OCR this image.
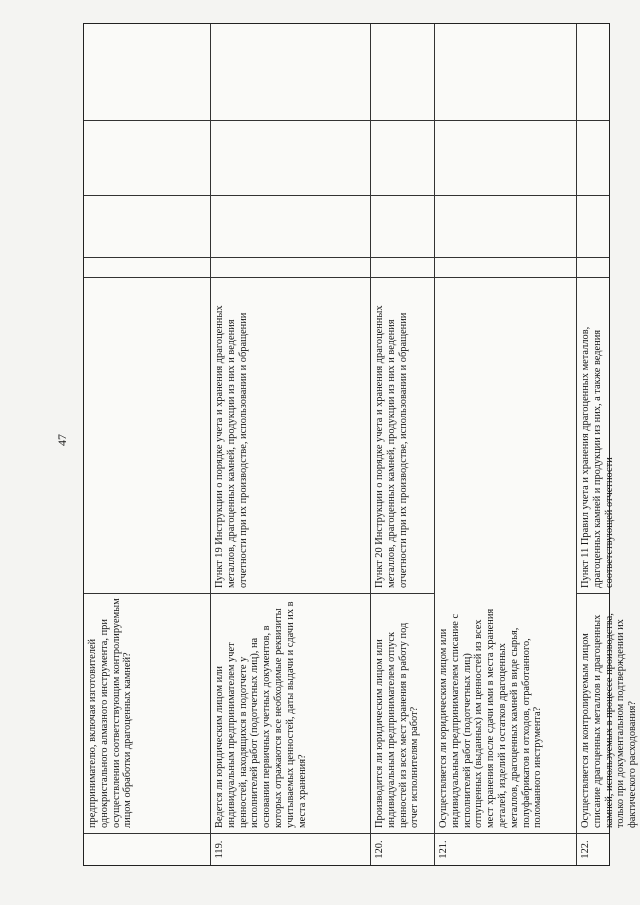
47
предпринимателю, включая изготовителей однокристального алмазного инструмента, при осуществлении соответствующим контролируемым лицом обработки драгоценных камней?
119.
Ведется ли юридическим лицом или индивидуальным предпринимателем учет ценностей, находящихся в подотчете у исполнителей работ (подотчетных лиц), на основании первичных учетных документов, в которых отражаются все необходимые реквизиты учитываемых ценностей, даты выдачи и сдачи их в места хранения?
Пункт 19 Инструкции о порядке учета и хранения драгоценных металлов, драгоценных камней, продукции из них и ведения отчетности при их производстве, использовании и обращении
120.
Производится ли юридическим лицом или индивидуальным предпринимателем отпуск ценностей из всех мест хранения в работу под отчет исполнителям работ?
Пункт 20 Инструкции о порядке учета и хранения драгоценных металлов, драгоценных камней, продукции из них и ведения отчетности при их производстве, использовании и обращении
121.
Осуществляется ли юридическим лицом или индивидуальным предпринимателем списание с исполнителей работ (подотчетных лиц) отпущенных (выданных) им ценностей из всех мест хранения после сдачи ими в места хранения деталей, изделий и остатков драгоценных металлов, драгоценных камней в виде сырья, полуфабрикатов и отходов, отработанного, поломанного инструмента?
122.
Осуществляется ли контролируемым лицом списание драгоценных металлов и драгоценных камней, используемых в процессе производства, только при документальном подтверждении их фактического расходования?
Пункт 11 Правил учета и хранения драгоценных металлов, драгоценных камней и продукции из них, а также ведения соответствующей отчетности
